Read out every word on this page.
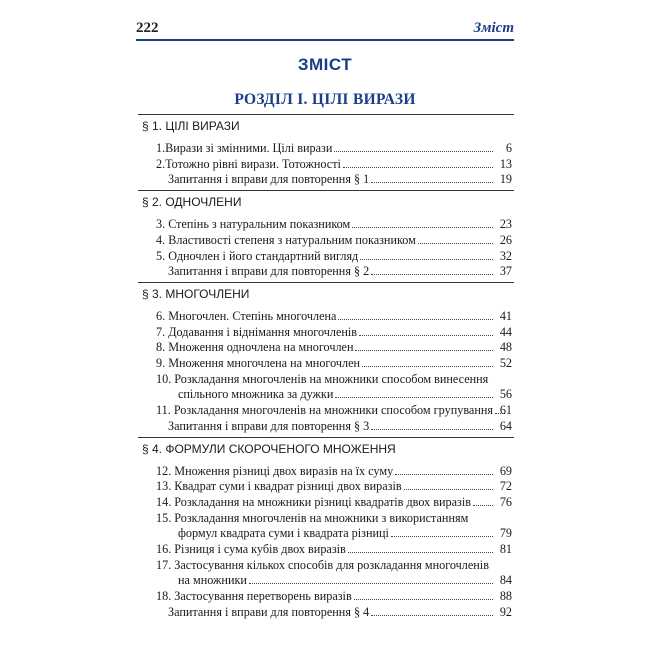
222	Зміст
ЗМІСТ
РОЗДІЛ І. ЦІЛІ ВИРАЗИ
§ 1. ЦІЛІ ВИРАЗИ
1.Вирази зі змінними. Цілі вирази	6
2.Тотожно рівні вирази. Тотожності	13
Запитання і вправи для повторення § 1	19
§ 2. ОДНОЧЛЕНИ
3. Степінь з натуральним показником	23
4. Властивості степеня з натуральним показником	26
5. Одночлен і його стандартний вигляд	32
Запитання і вправи для повторення § 2	37
§ 3. МНОГОЧЛЕНИ
6. Многочлен. Степінь многочлена	41
7. Додавання і віднімання многочленів	44
8. Множення одночлена на многочлен	48
9. Множення многочлена на многочлен	52
10. Розкладання многочленів на множники способом винесення
спільного множника за дужки	56
11. Розкладання многочленів на множники способом групування 61
Запитання і вправи для повторення § 3	64
§ 4. ФОРМУЛИ СКОРОЧЕНОГО МНОЖЕННЯ
12. Множення різниці двох виразів на їх суму	69
13. Квадрат суми і квадрат різниці двох виразів	72
14. Розкладання на множники різниці квадратів двох виразів 76
15. Розкладання многочленів на множники з використанням
формул квадрата суми і квадрата різниці	79
16. Різниця і сума кубів двох виразів	81
17. Застосування кількох способів для розкладання многочленів
на множники	84
18. Застосування перетворень виразів	88
Запитання і вправи для повторення § 4	92
